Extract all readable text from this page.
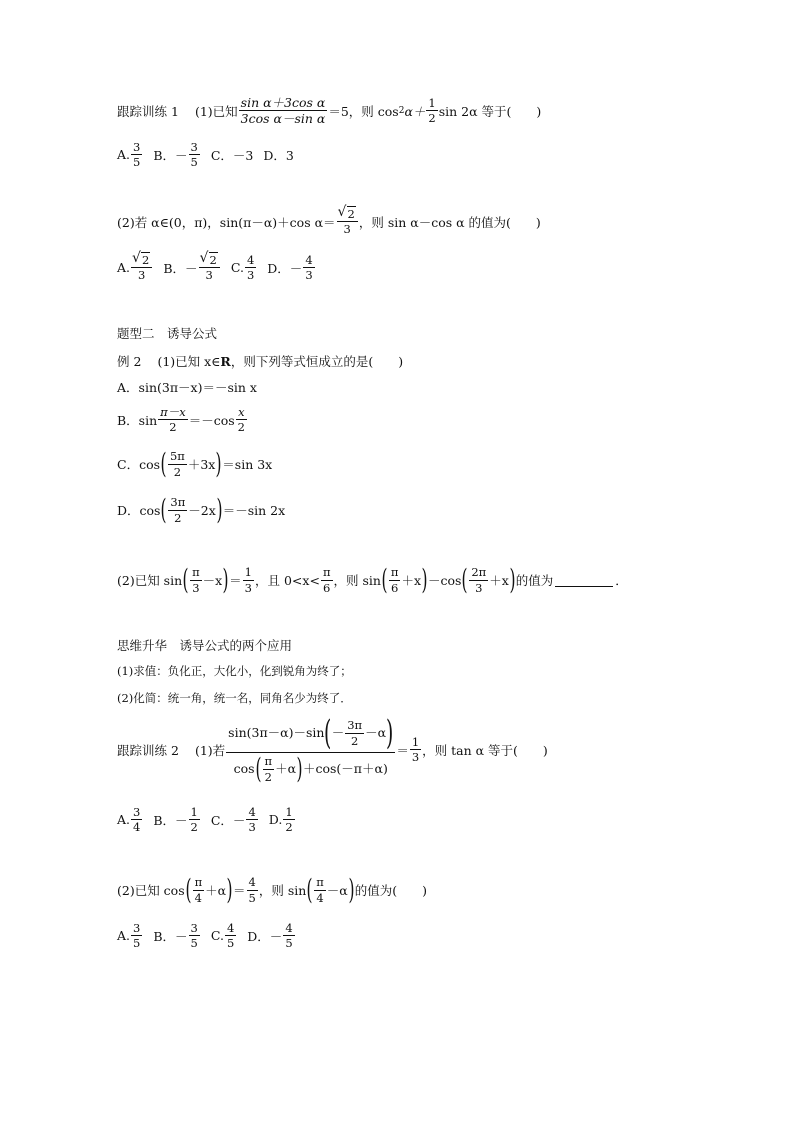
跟踪训练 1 (1)已知
sin α＋3cos α
3cos α－sin α ＝5，则 cos 2 α＋
1
2 sin 2α 等于(　　)
A.
3
5 B．－
3
5 C．－3 D．3
(2)若 α∈(0，π)，sin(π－α)＋cos α＝
√ 2
3 ，则 sin α－cos α 的值为(　　)
A.
√ 2
3 B．－
√ 2
3 C.
4
3 D．－
4
3
题型二　诱导公式
例 2 (1)已知 x∈ R ，则下列等式恒成立的是(　　)
A．sin(3π－x)＝－sin x
B．sin
π－x
2 ＝－cos
x
2
C．cos ( 5π
2 ＋3x ) ＝sin 3x
D．cos ( 3π
2 －2x ) ＝－sin 2x
(2)已知 sin ( π
3 －x ) ＝
1
3 ，且 0<x<
π
6 ，则 sin ( π
6 ＋x ) －cos ( 2π
3 ＋x ) 的值为	．
思维升华　诱导公式的两个应用
(1)求值：负化正，大化小，化到锐角为终了；
(2)化简：统一角，统一名，同角名少为终了．
跟踪训练 2 (1)若
sin(3π－α)－sin ( － 3π
2
－α )
cos ( π
2
＋α ) ＋cos(－π＋α)
＝
1
3 ，则 tan α 等于(　　)
A.
3
4 B．－
1
2 C．－
4
3 D.
1
2
(2)已知 cos ( π
4 ＋α ) ＝
4
5 ，则 sin ( π
4 －α ) 的值为(　　)
A.
3
5 B．－
3
5 C.
4
5 D．－
4
5
